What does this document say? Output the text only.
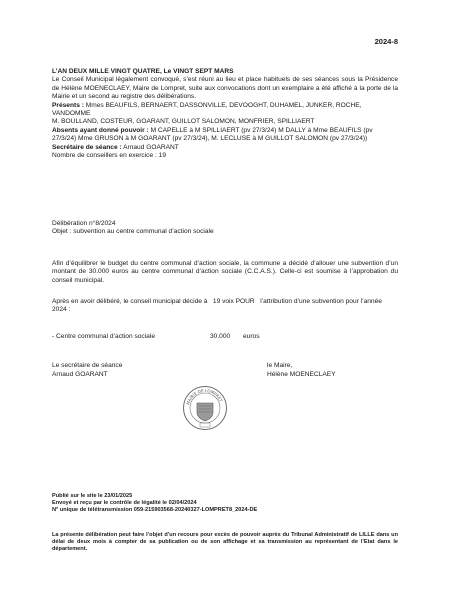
2024-8

L’AN DEUX MILLE VINGT QUATRE, Le VINGT SEPT MARS

Le Conseil Municipal légalement convoqué, s’est réuni au lieu et place habituels de ses séances sous la Présidence de Hélène MOENECLAEY, Maire de Lompret, suite aux convocations dont un exemplaire a été affiché à la porte de la Mairie et un second au registre des délibérations.

Présents : Mmes BEAUFILS, BERNAERT, DASSONVILLE, DEVOOGHT, DUHAMEL, JUNKER, ROCHE, VANDOMME

M. BOULLAND, COSTEUR, GOARANT, GUILLOT SALOMON, MONFRIER, SPILLIAERT

Absents ayant donné pouvoir : M CAPELLE à M SPILLIAERT (pv 27/3/24) M DALLY à Mme BEAUFILS (pv 27/3/24) Mme GRUSON à M GOARANT (pv 27/3/24), M. LECLUSE à M GUILLOT SALOMON (pv 27/3/24))

Secrétaire de séance : Arnaud GOARANT

Nombre de conseillers en exercice : 19

Délibération n°8/2024

Objet : subvention au centre communal d’action sociale

Afin d’équilibrer le budget du centre communal d’action sociale, la commune a décidé d’allouer une subvention d’un montant de 30.000 euros au centre communal d’action sociale (C.C.A.S.). Celle-ci est soumise à l’approbation du conseil municipal.
Après en avoir délibéré, le conseil municipal décide à 19 voix POUR l’attribution d’une subvention pour l’année 2024 :
- Centre communal d’action sociale	30.000 euros
Le secrétaire de séance
Arnaud GOARANT
le Maire,
Hélène MOENECLAEY
MAIRIE DE LOMPRET

Publié sur le site le 23/01/2025

Envoyé et reçu par le contrôle de légalité le 02/04/2024

N° unique de télétransmission 059-215903568-20240327-LOMPRET8_2024-DE

La présente délibération peut faire l’objet d’un recours pour excès de pouvoir auprès du Tribunal Administratif de LILLE dans un délai de deux mois à compter de sa publication ou de son affichage et sa transmission au représentant de l’Etat dans le département.
